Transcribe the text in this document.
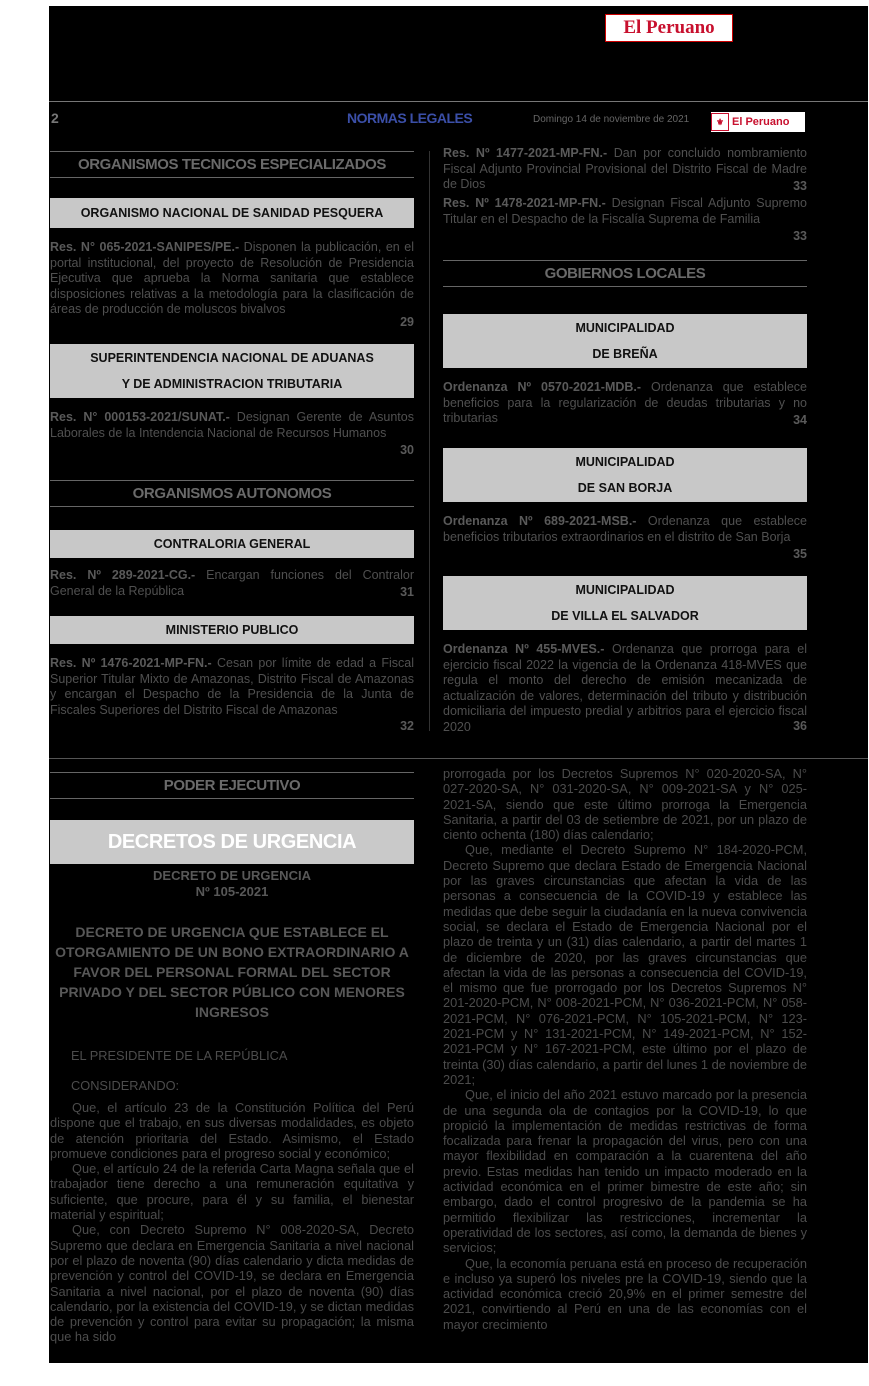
El Peruano
2	NORMAS LEGALES	Domingo 14 de noviembre de 2021	⚜ El Peruano
ORGANISMOS TECNICOS ESPECIALIZADOS
ORGANISMO NACIONAL DE SANIDAD PESQUERA
Res. N° 065-2021-SANIPES/PE.- Disponen la publicación, en el portal institucional, del proyecto de Resolución de Presidencia Ejecutiva que aprueba la Norma sanitaria que establece disposiciones relativas a la metodología para la clasificación de áreas de producción de moluscos bivalvos
29
SUPERINTENDENCIA NACIONAL DE ADUANAS
Y DE ADMINISTRACION TRIBUTARIA
Res. N° 000153-2021/SUNAT.- Designan Gerente de Asuntos Laborales de la Intendencia Nacional de Recursos Humanos
30
ORGANISMOS AUTONOMOS
CONTRALORIA GENERAL
Res. Nº 289-2021-CG.- Encargan funciones del Contralor General de la República	31
MINISTERIO PUBLICO
Res. Nº 1476-2021-MP-FN.- Cesan por límite de edad a Fiscal Superior Titular Mixto de Amazonas, Distrito Fiscal de Amazonas y encargan el Despacho de la Presidencia de la Junta de Fiscales Superiores del Distrito Fiscal de Amazonas
32
Res. Nº 1477-2021-MP-FN.- Dan por concluido nombramiento Fiscal Adjunto Provincial Provisional del Distrito Fiscal de Madre de Dios	33
Res. Nº 1478-2021-MP-FN.- Designan Fiscal Adjunto Supremo Titular en el Despacho de la Fiscalía Suprema de Familia
33
GOBIERNOS LOCALES
MUNICIPALIDAD
DE BREÑA
Ordenanza Nº 0570-2021-MDB.- Ordenanza que establece beneficios para la regularización de deudas tributarias y no tributarias	34
MUNICIPALIDAD
DE SAN BORJA
Ordenanza Nº 689-2021-MSB.- Ordenanza que establece beneficios tributarios extraordinarios en el distrito de San Borja
35
MUNICIPALIDAD
DE VILLA EL SALVADOR
Ordenanza Nº 455-MVES.- Ordenanza que prorroga para el ejercicio fiscal 2022 la vigencia de la Ordenanza 418-MVES que regula el monto del derecho de emisión mecanizada de actualización de valores, determinación del tributo y distribución domiciliaria del impuesto predial y arbitrios para el ejercicio fiscal 2020	36
PODER EJECUTIVO
DECRETOS DE URGENCIA
DECRETO DE URGENCIA
Nº 105-2021
DECRETO DE URGENCIA QUE ESTABLECE EL OTORGAMIENTO DE UN BONO EXTRAORDINARIO A FAVOR DEL PERSONAL FORMAL DEL SECTOR PRIVADO Y DEL SECTOR PÚBLICO CON MENORES INGRESOS
EL PRESIDENTE DE LA REPÚBLICA
CONSIDERANDO:

Que, el artículo 23 de la Constitución Política del Perú dispone que el trabajo, en sus diversas modalidades, es objeto de atención prioritaria del Estado. Asimismo, el Estado promueve condiciones para el progreso social y económico;

Que, el artículo 24 de la referida Carta Magna señala que el trabajador tiene derecho a una remuneración equitativa y suficiente, que procure, para él y su familia, el bienestar material y espiritual;

Que, con Decreto Supremo N° 008-2020-SA, Decreto Supremo que declara en Emergencia Sanitaria a nivel nacional por el plazo de noventa (90) días calendario y dicta medidas de prevención y control del COVID-19, se declara en Emergencia Sanitaria a nivel nacional, por el plazo de noventa (90) días calendario, por la existencia del COVID-19, y se dictan medidas de prevención y control para evitar su propagación; la misma que ha sido

prorrogada por los Decretos Supremos N° 020-2020-SA, N° 027-2020-SA, N° 031-2020-SA, N° 009-2021-SA y N° 025-2021-SA, siendo que este último prorroga la Emergencia Sanitaria, a partir del 03 de setiembre de 2021, por un plazo de ciento ochenta (180) días calendario;

Que, mediante el Decreto Supremo N° 184-2020-PCM, Decreto Supremo que declara Estado de Emergencia Nacional por las graves circunstancias que afectan la vida de las personas a consecuencia de la COVID-19 y establece las medidas que debe seguir la ciudadanía en la nueva convivencia social, se declara el Estado de Emergencia Nacional por el plazo de treinta y un (31) días calendario, a partir del martes 1 de diciembre de 2020, por las graves circunstancias que afectan la vida de las personas a consecuencia del COVID-19, el mismo que fue prorrogado por los Decretos Supremos N° 201-2020-PCM, N° 008-2021-PCM, N° 036-2021-PCM, N° 058-2021-PCM, N° 076-2021-PCM, N° 105-2021-PCM, N° 123-2021-PCM y N° 131-2021-PCM, N° 149-2021-PCM, N° 152-2021-PCM y N° 167-2021-PCM, este último por el plazo de treinta (30) días calendario, a partir del lunes 1 de noviembre de 2021;

Que, el inicio del año 2021 estuvo marcado por la presencia de una segunda ola de contagios por la COVID-19, lo que propició la implementación de medidas restrictivas de forma focalizada para frenar la propagación del virus, pero con una mayor flexibilidad en comparación a la cuarentena del año previo. Estas medidas han tenido un impacto moderado en la actividad económica en el primer bimestre de este año; sin embargo, dado el control progresivo de la pandemia se ha permitido flexibilizar las restricciones, incrementar la operatividad de los sectores, así como, la demanda de bienes y servicios;

Que, la economía peruana está en proceso de recuperación e incluso ya superó los niveles pre la COVID-19, siendo que la actividad económica creció 20,9% en el primer semestre del 2021, convirtiendo al Perú en una de las economías con el mayor crecimiento
